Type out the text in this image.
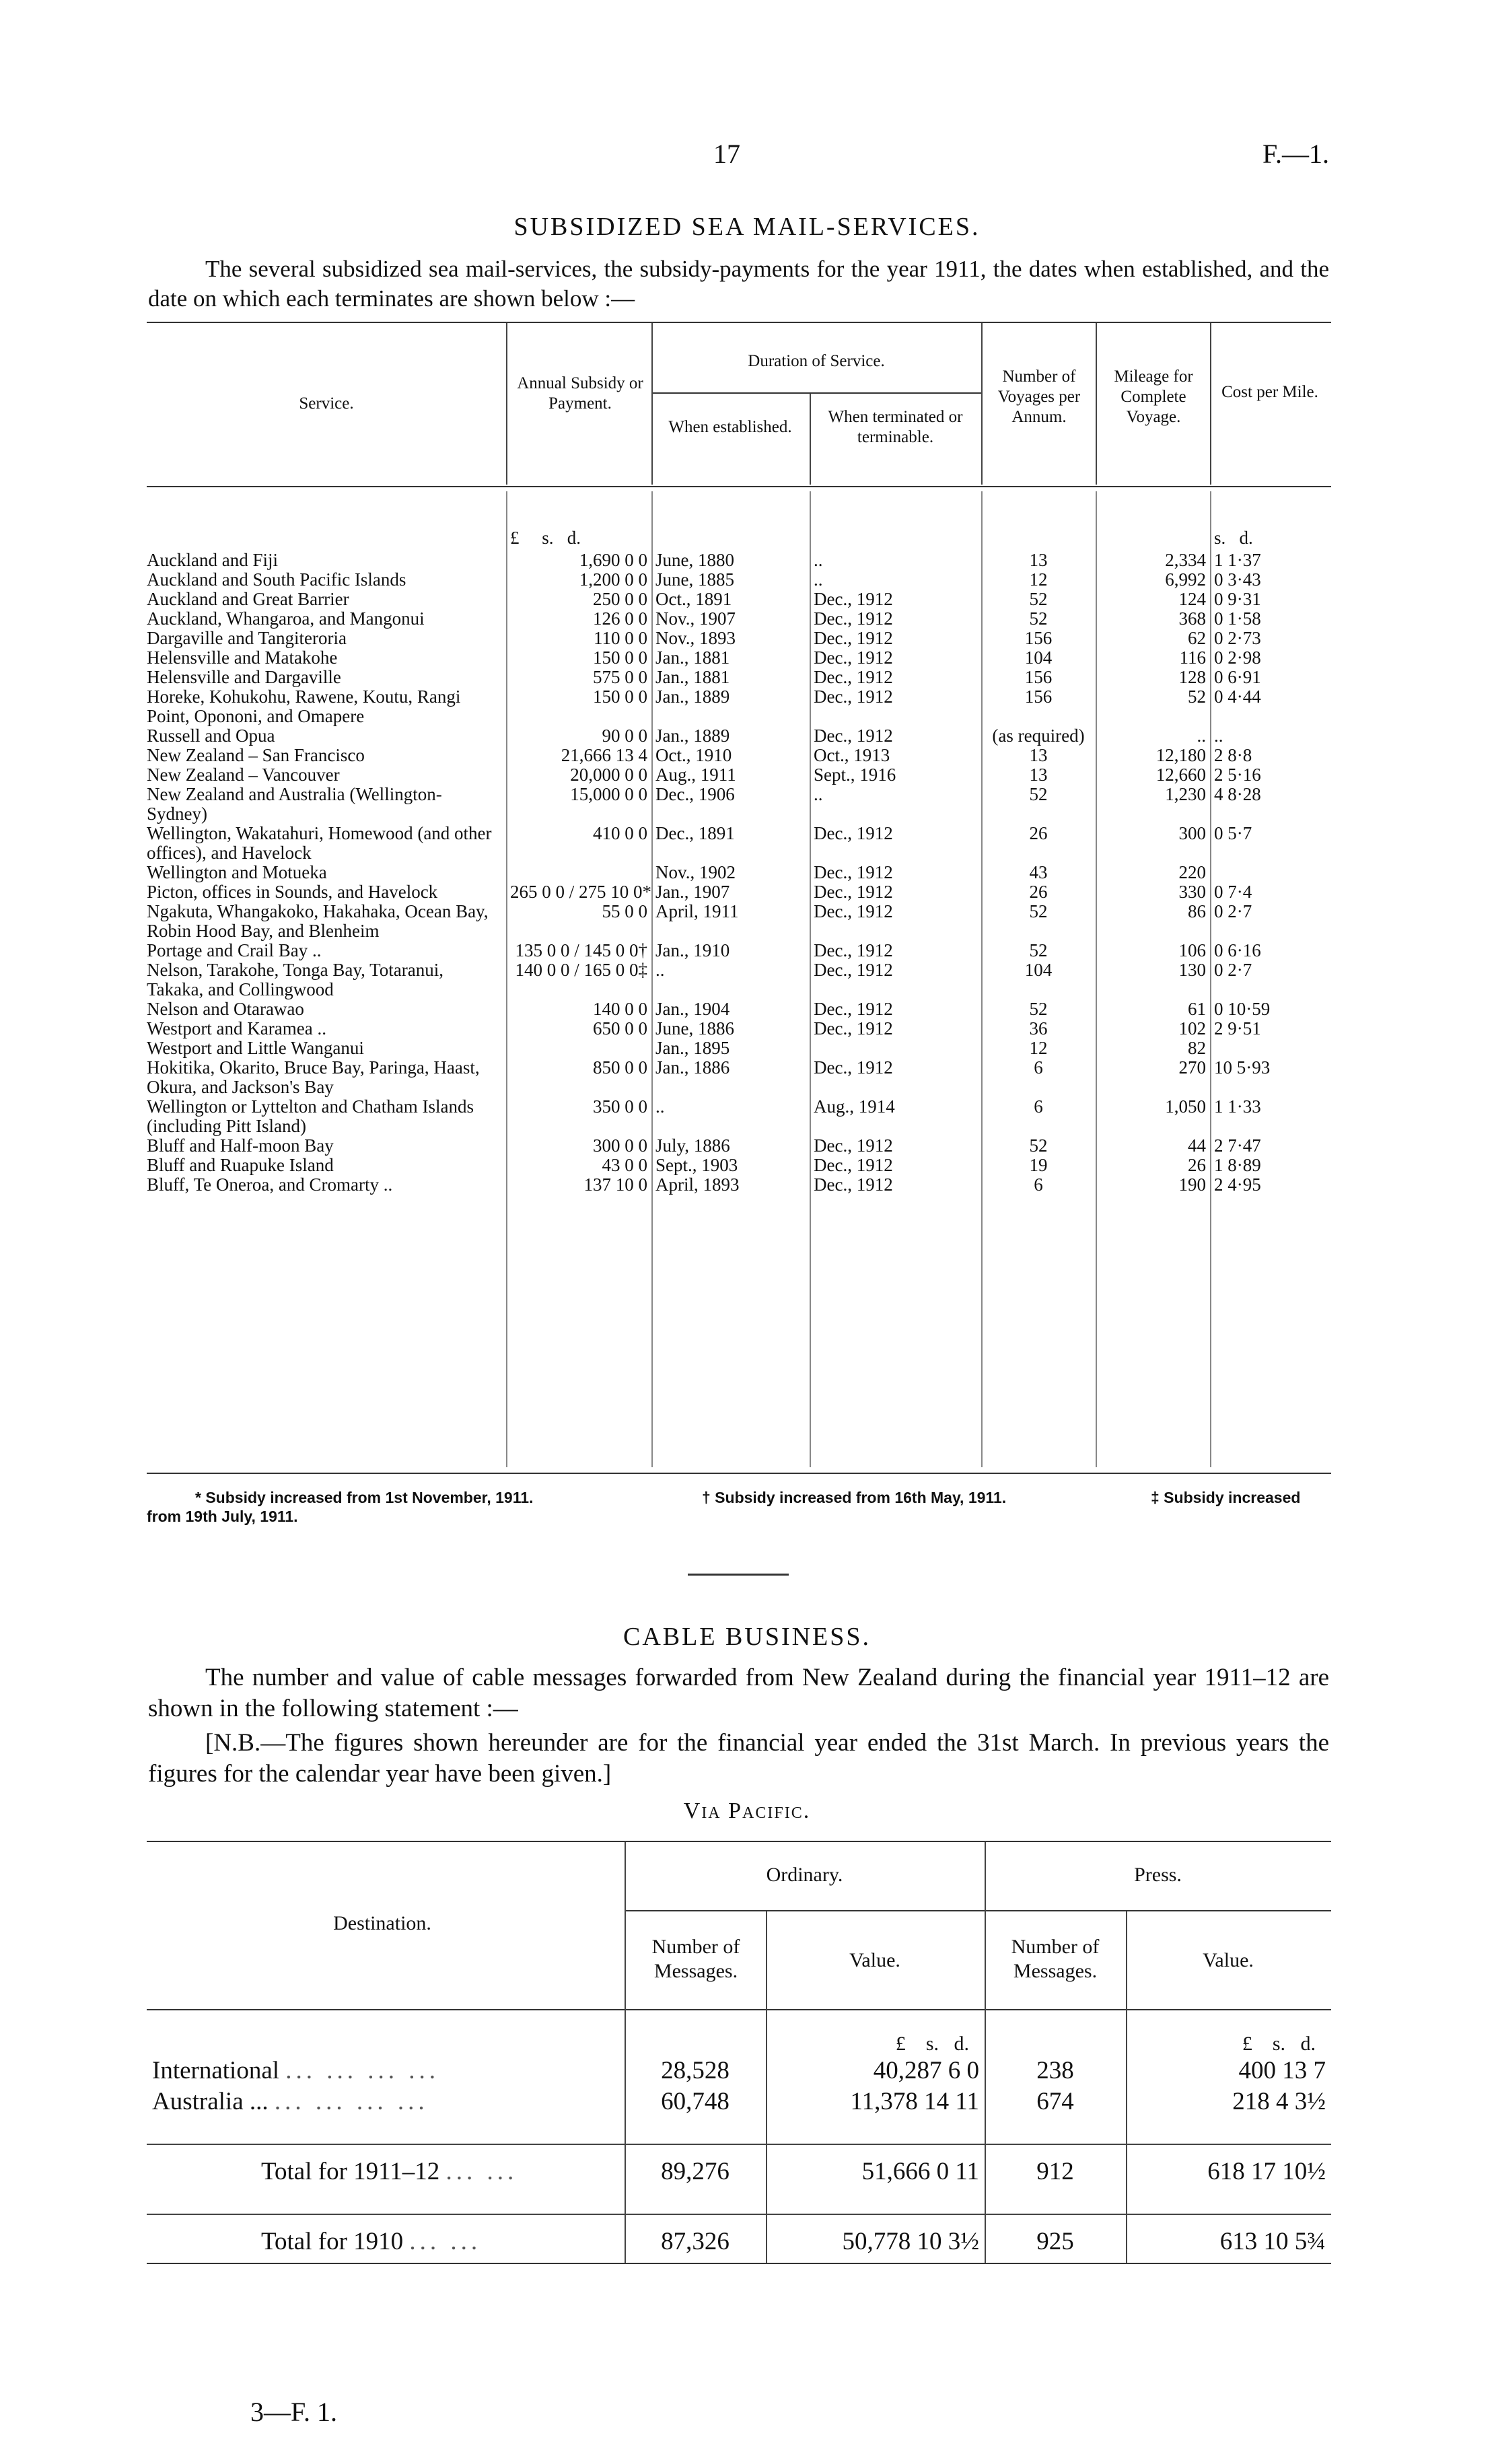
17	F.—1.
SUBSIDIZED SEA MAIL-SERVICES.
The several subsidized sea mail-services, the subsidy-payments for the year 1911, the dates when established, and the date on which each terminates are shown below :—
Service.
Annual Subsidy or Payment.
Duration of Service.
When established.
When terminated or terminable.
Number of Voyages per Annum.
Mileage for Complete Voyage.
Cost per Mile.
	£ s. d.					s. d.
Auckland and Fiji	1,690 0 0	June, 1880	..	13	2,334	1 1·37
Auckland and South Pacific Islands	1,200 0 0	June, 1885	..	12	6,992	0 3·43
Auckland and Great Barrier	250 0 0	Oct., 1891	Dec., 1912	52	124	0 9·31
Auckland, Whangaroa, and Mangonui	126 0 0	Nov., 1907	Dec., 1912	52	368	0 1·58
Dargaville and Tangiteroria	110 0 0	Nov., 1893	Dec., 1912	156	62	0 2·73
Helensville and Matakohe	150 0 0	Jan., 1881	Dec., 1912	104	116	0 2·98
Helensville and Dargaville	575 0 0	Jan., 1881	Dec., 1912	156	128	0 6·91
Horeke, Kohukohu, Rawene, Koutu, Rangi Point, Opononi, and Omapere	150 0 0	Jan., 1889	Dec., 1912	156	52	0 4·44
Russell and Opua	90 0 0	Jan., 1889	Dec., 1912	(as required)	..	..
New Zealand – San Francisco	21,666 13 4	Oct., 1910	Oct., 1913	13	12,180	2 8·8
New Zealand – Vancouver	20,000 0 0	Aug., 1911	Sept., 1916	13	12,660	2 5·16
New Zealand and Australia (Wellington-Sydney)	15,000 0 0	Dec., 1906	..	52	1,230	4 8·28
Wellington, Wakatahuri, Homewood (and other offices), and Havelock	410 0 0	Dec., 1891	Dec., 1912	26	300	0 5·7
Wellington and Motueka		Nov., 1902	Dec., 1912	43	220	
Picton, offices in Sounds, and Havelock	265 0 0 / 275 10 0*	Jan., 1907	Dec., 1912	26	330	0 7·4
Ngakuta, Whangakoko, Hakahaka, Ocean Bay, Robin Hood Bay, and Blenheim	55 0 0	April, 1911	Dec., 1912	52	86	0 2·7
Portage and Crail Bay ..	135 0 0 / 145 0 0†	Jan., 1910	Dec., 1912	52	106	0 6·16
Nelson, Tarakohe, Tonga Bay, Totaranui, Takaka, and Collingwood	140 0 0 / 165 0 0‡	..	Dec., 1912	104	130	0 2·7
Nelson and Otarawao	140 0 0	Jan., 1904	Dec., 1912	52	61	0 10·59
Westport and Karamea ..	650 0 0	June, 1886	Dec., 1912	36	102	2 9·51
Westport and Little Wanganui		Jan., 1895		12	82	
Hokitika, Okarito, Bruce Bay, Paringa, Haast, Okura, and Jackson's Bay	850 0 0	Jan., 1886	Dec., 1912	6	270	10 5·93
Wellington or Lyttelton and Chatham Islands (including Pitt Island)	350 0 0	..	Aug., 1914	6	1,050	1 1·33
Bluff and Half-moon Bay	300 0 0	July, 1886	Dec., 1912	52	44	2 7·47
Bluff and Ruapuke Island	43 0 0	Sept., 1903	Dec., 1912	19	26	1 8·89
Bluff, Te Oneroa, and Cromarty ..	137 10 0	April, 1893	Dec., 1912	6	190	2 4·95
* Subsidy increased from 1st November, 1911.	† Subsidy increased from 16th May, 1911.	‡ Subsidy increased
from 19th July, 1911.
CABLE BUSINESS.
The number and value of cable messages forwarded from New Zealand during the financial year 1911–12 are shown in the following statement :—
[N.B.—The figures shown hereunder are for the financial year ended the 31st March. In previous years the figures for the calendar year have been given.]
Via Pacific.
Destination.
Ordinary.	Press.
Number of Messages.	Value.
Number of Messages.	Value.
		£ s. d.		£ s. d.
International ... ... ... ...	28,528	40,287 6 0	238	400 13 7
Australia ... ... ... ... ...	60,748	11,378 14 11	674	218 4 3½

Total for 1911–12 ... ...	89,276	51,666 0 11	912	618 17 10½

Total for 1910 ... ...	87,326	50,778 10 3½	925	613 10 5¾
3—F. 1.
